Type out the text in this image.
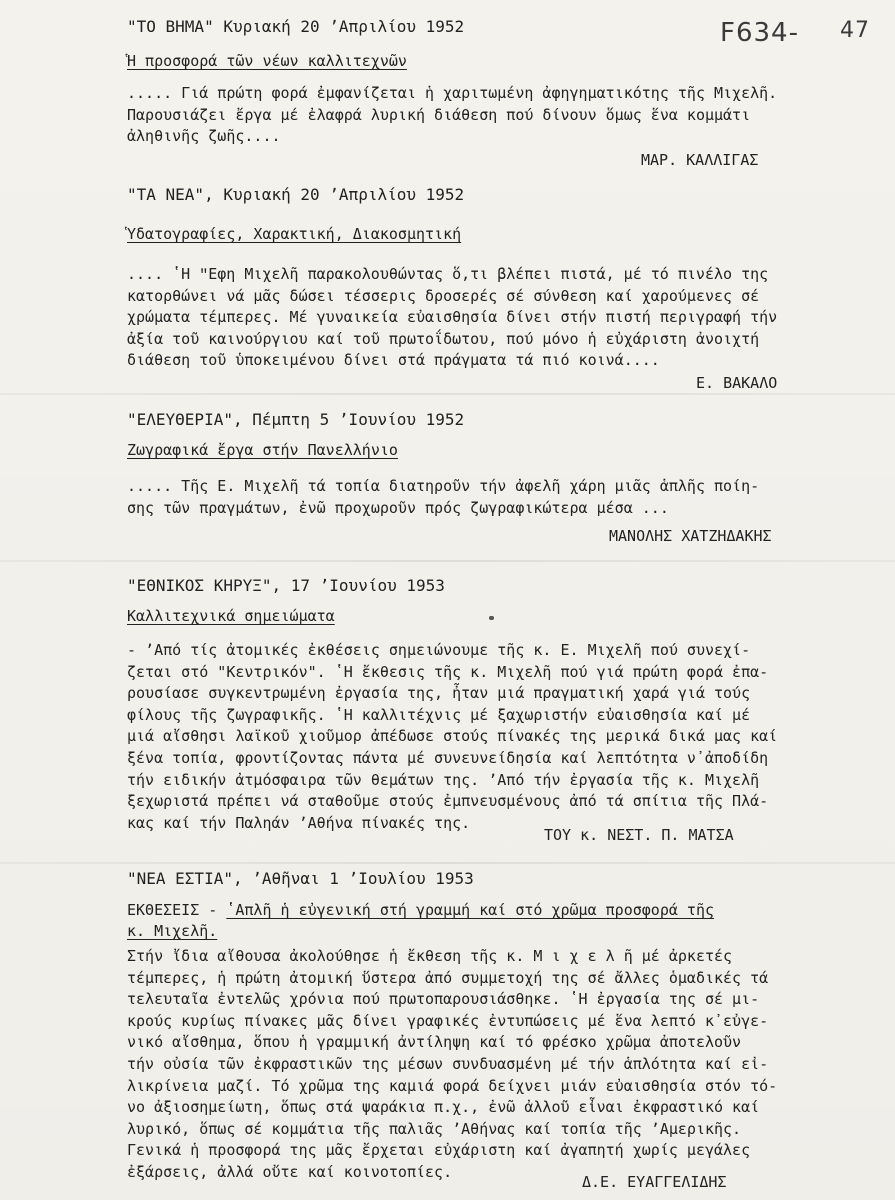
F634- 47
"ΤΟ ΒΗΜΑ" Κυριακή 20 ʼΑπριλίου 1952
Ἡ προσφορά τῶν νέων καλλιτεχνῶν
..... Γιά πρώτη φορά ἐμφανίζεται ἡ χαριτωμένη ἀφηγηματικότης τῆς Μιχελῆ.
Παρουσιάζει ἔργα μέ ἐλαφρά λυρική διάθεση πού δίνουν ὅμως ἕνα κομμάτι
ἀληθινῆς ζωῆς....
ΜΑΡ. ΚΑΛΛΙΓΑΣ
"ΤΑ ΝΕΑ", Κυριακή 20 ʼΑπριλίου 1952
Ὑδατογραφίες, Χαρακτική, Διακοσμητική
.... ʽΗ ʺΕφη Μιχελῆ παρακολουθώντας ὅ,τι βλέπει πιστά, μέ τό πινέλο της
κατορθώνει νά μᾶς δώσει τέσσερις δροσερές σέ σύνθεση καί χαρούμενες σέ
χρώματα τέμπερες. Μέ γυναικεία εὐαισθησία δίνει στήν πιστή περιγραφή τήν
ἀξία τοῦ καινούργιου καί τοῦ πρωτοΐδωτου, πού μόνο ἡ εὐχάριστη ἀνοιχτή
διάθεση τοῦ ὑποκειμένου δίνει στά πράγματα τά πιό κοινά....
Ε. ΒΑΚΑΛΟ
"ΕΛΕΥΘΕΡΙΑ", Πέμπτη 5 ʼΙουνίου 1952
Ζωγραφικά ἔργα στήν Πανελλήνιο
..... Τῆς Ε. Μιχελῆ τά τοπία διατηροῦν τήν ἀφελῆ χάρη μιᾶς ἁπλῆς ποίη-
σης τῶν πραγμάτων, ἐνῶ προχωροῦν πρός ζωγραφικώτερα μέσα ...
ΜΑΝΟΛΗΣ ΧΑΤΖΗΔΑΚΗΣ
"ΕΘΝΙΚΟΣ ΚΗΡΥΞ", 17 ʼΙουνίου 1953
Καλλιτεχνικά σημειώματα
- ʼΑπό τίς ἀτομικές ἐκθέσεις σημειώνουμε τῆς κ. Ε. Μιχελῆ πού συνεχί-
ζεται στό "Κεντρικόν". ʽΗ ἔκθεσις τῆς κ. Μιχελῆ πού γιά πρώτη φορά ἐπα-
ρουσίασε συγκεντρωμένη ἐργασία της, ἦταν μιά πραγματική χαρά γιά τούς
φίλους τῆς ζωγραφικῆς. ʽΗ καλλιτέχνις μέ ξαχωριστήν εὐαισθησία καί μέ
μιά αἴσθησι λαϊκοῦ χιοῦμορ ἀπέδωσε στούς πίνακές της μερικά δικά μας καί
ξένα τοπία, φροντίζοντας πάντα μέ συνευνείδησία καί λεπτότητα ν᾽ἀποδίδη
τήν ειδικήν ἀτμόσφαιρα τῶν θεμάτων της. ʼΑπό τήν ἐργασία τῆς κ. Μιχελῆ
ξεχωριστά πρέπει νά σταθοῦμε στούς ἐμπνευσμένους ἀπό τά σπίτια τῆς Πλά-
κας καί τήν Παληάν ʼΑθήνα πίνακές της.
ΤΟΥ κ. ΝΕΣΤ. Π. ΜΑΤΣΑ
"ΝΕΑ ΕΣΤΙΑ", ʼΑθῆναι 1 ʼΙουλίου 1953
ΕΚΘΕΣΕΙΣ - ʽΑπλῆ ἡ εὐγενική στή γραμμή καί στό χρῶμα προσφορά τῆς
κ. Μιχελῆ.
Στήν ἴδια αἴθουσα ἀκολούθησε ἡ ἔκθεση τῆς κ. Μ ι χ ε λ ῆ μέ ἀρκετές
τέμπερες, ἡ πρώτη ἀτομική ὕστερα ἀπό συμμετοχή της σέ ἄλλες ὁμαδικές τά
τελευταῖα ἐντελῶς χρόνια πού πρωτοπαρουσιάσθηκε. ʽΗ ἐργασία της σέ μι-
κρούς κυρίως πίνακες μᾶς δίνει γραφικές ἐντυπώσεις μέ ἕνα λεπτό κ᾽εὐγε-
νικό αἴσθημα, ὅπου ἡ γραμμική ἀντίληψη καί τό φρέσκο χρῶμα ἀποτελοῦν
τήν οὐσία τῶν ἐκφραστικῶν της μέσων συνδυασμένη μέ τήν ἁπλότητα καί εἰ-
λικρίνεια μαζί. Τό χρῶμα της καμιά φορά δείχνει μιάν εὐαισθησία στόν τό-
νο ἀξιοσημείωτη, ὅπως στά ψαράκια π.χ., ἐνῶ ἀλλοῦ εἶναι ἐκφραστικό καί
λυρικό, ὅπως σέ κομμάτια τῆς παλιᾶς ʼΑθήνας καί τοπία τῆς ʼΑμερικῆς.
Γενικά ἡ προσφορά της μᾶς ἔρχεται εὐχάριστη καί ἀγαπητή χωρίς μεγάλες
ἐξάρσεις, ἀλλά οὔτε καί κοινοτοπίες.
Δ.Ε. ΕΥΑΓΓΕΛΙΔΗΣ
